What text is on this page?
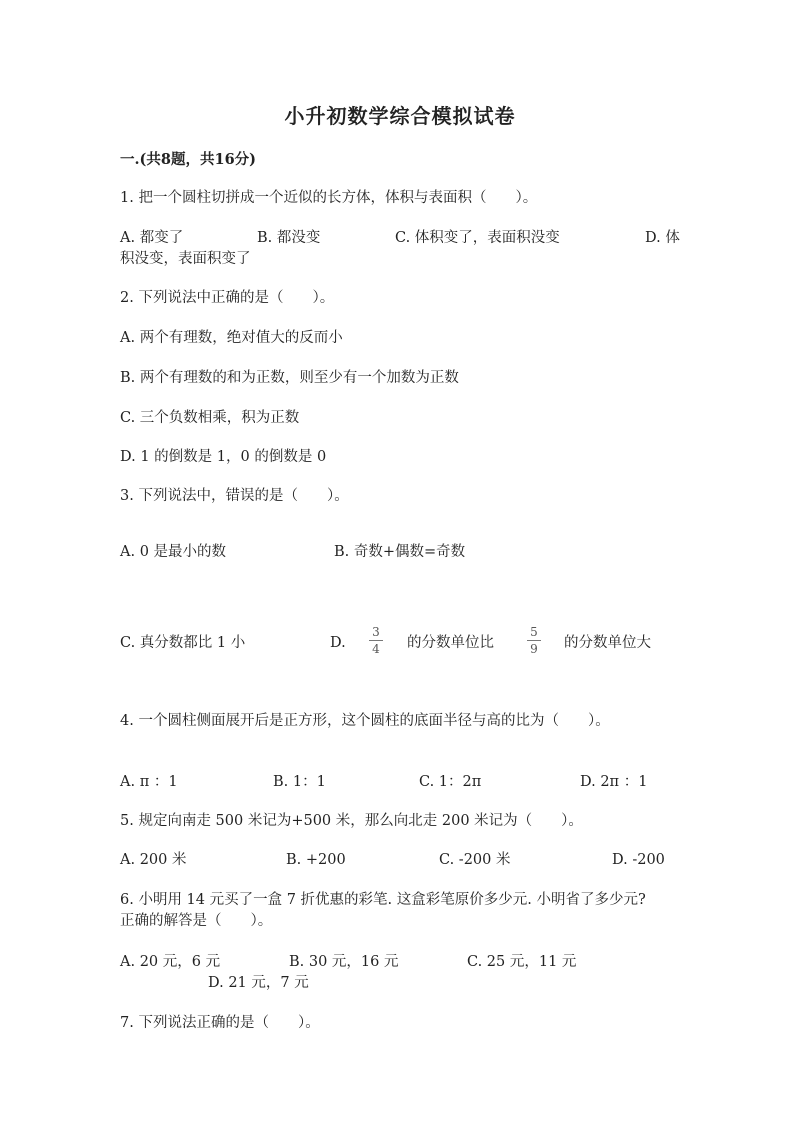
小升初数学综合模拟试卷
一.(共8题，共16分)
1. 把一个圆柱切拼成一个近似的长方体，体积与表面积（　　）。
A. 都变了	B. 都没变	C. 体积变了，表面积没变	D. 体
积没变，表面积变了
2. 下列说法中正确的是（　　）。
A. 两个有理数，绝对值大的反而小
B. 两个有理数的和为正数，则至少有一个加数为正数
C. 三个负数相乘，积为正数
D. 1 的倒数是 1，0 的倒数是 0
3. 下列说法中，错误的是（　　）。
A. 0 是最小的数	B. 奇数+偶数=奇数
C. 真分数都比 1 小	D.
3
4 的分数单位比
5
9 的分数单位大
4. 一个圆柱侧面展开后是正方形，这个圆柱的底面半径与高的比为（　　）。
A. π ：1	B. 1：1	C. 1：2π	D. 2π ：1
5. 规定向南走 500 米记为+500 米，那么向北走 200 米记为（　　）。
A. 200 米	B. +200	C. -200 米	D. -200
6. 小明用 14 元买了一盒 7 折优惠的彩笔. 这盒彩笔原价多少元. 小明省了多少元?
正确的解答是（　　）。
A. 20 元，6 元	B. 30 元，16 元	C. 25 元，11 元
D. 21 元，7 元
7. 下列说法正确的是（　　）。
